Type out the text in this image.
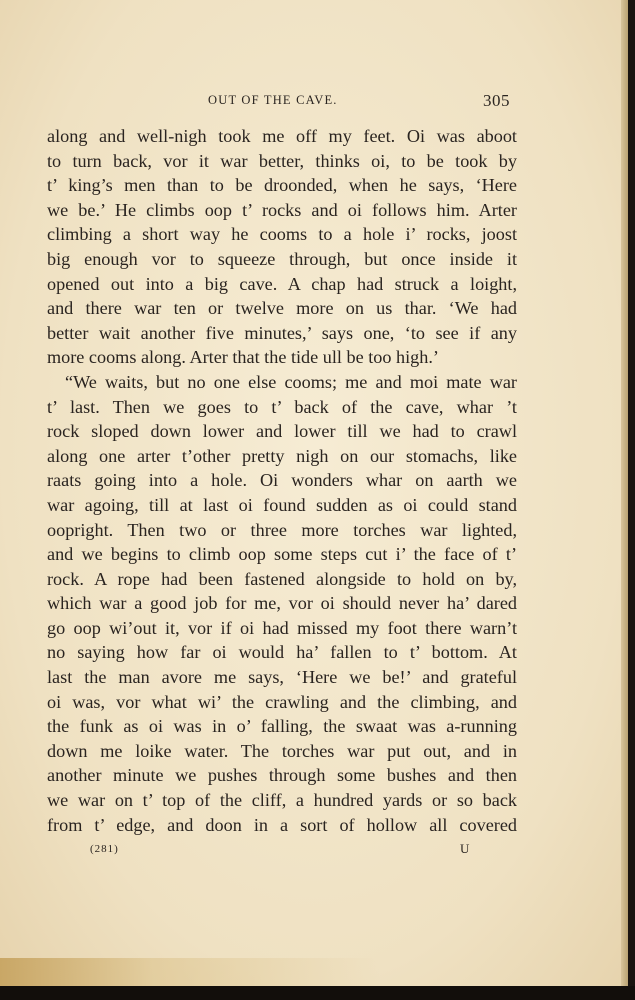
OUT OF THE CAVE.	305
along and well-nigh took me off my feet. Oi was aboot
to turn back, vor it war better, thinks oi, to be took by
t’ king’s men than to be droonded, when he says, ‘Here
we be.’ He climbs oop t’ rocks and oi follows him. Arter
climbing a short way he cooms to a hole i’ rocks, joost
big enough vor to squeeze through, but once inside it
opened out into a big cave. A chap had struck a loight,
and there war ten or twelve more on us thar. ‘We had
better wait another five minutes,’ says one, ‘to see if any
more cooms along. Arter that the tide ull be too high.’
“We waits, but no one else cooms; me and moi mate war
t’ last. Then we goes to t’ back of the cave, whar ’t
rock sloped down lower and lower till we had to crawl
along one arter t’other pretty nigh on our stomachs, like
raats going into a hole. Oi wonders whar on aarth we
war agoing, till at last oi found sudden as oi could stand
oopright. Then two or three more torches war lighted,
and we begins to climb oop some steps cut i’ the face of t’
rock. A rope had been fastened alongside to hold on by,
which war a good job for me, vor oi should never ha’ dared
go oop wi’out it, vor if oi had missed my foot there warn’t
no saying how far oi would ha’ fallen to t’ bottom. At
last the man avore me says, ‘Here we be!’ and grateful
oi was, vor what wi’ the crawling and the climbing, and
the funk as oi was in o’ falling, the swaat was a-running
down me loike water. The torches war put out, and in
another minute we pushes through some bushes and then
we war on t’ top of the cliff, a hundred yards or so back
from t’ edge, and doon in a sort of hollow all covered
(281)	U
